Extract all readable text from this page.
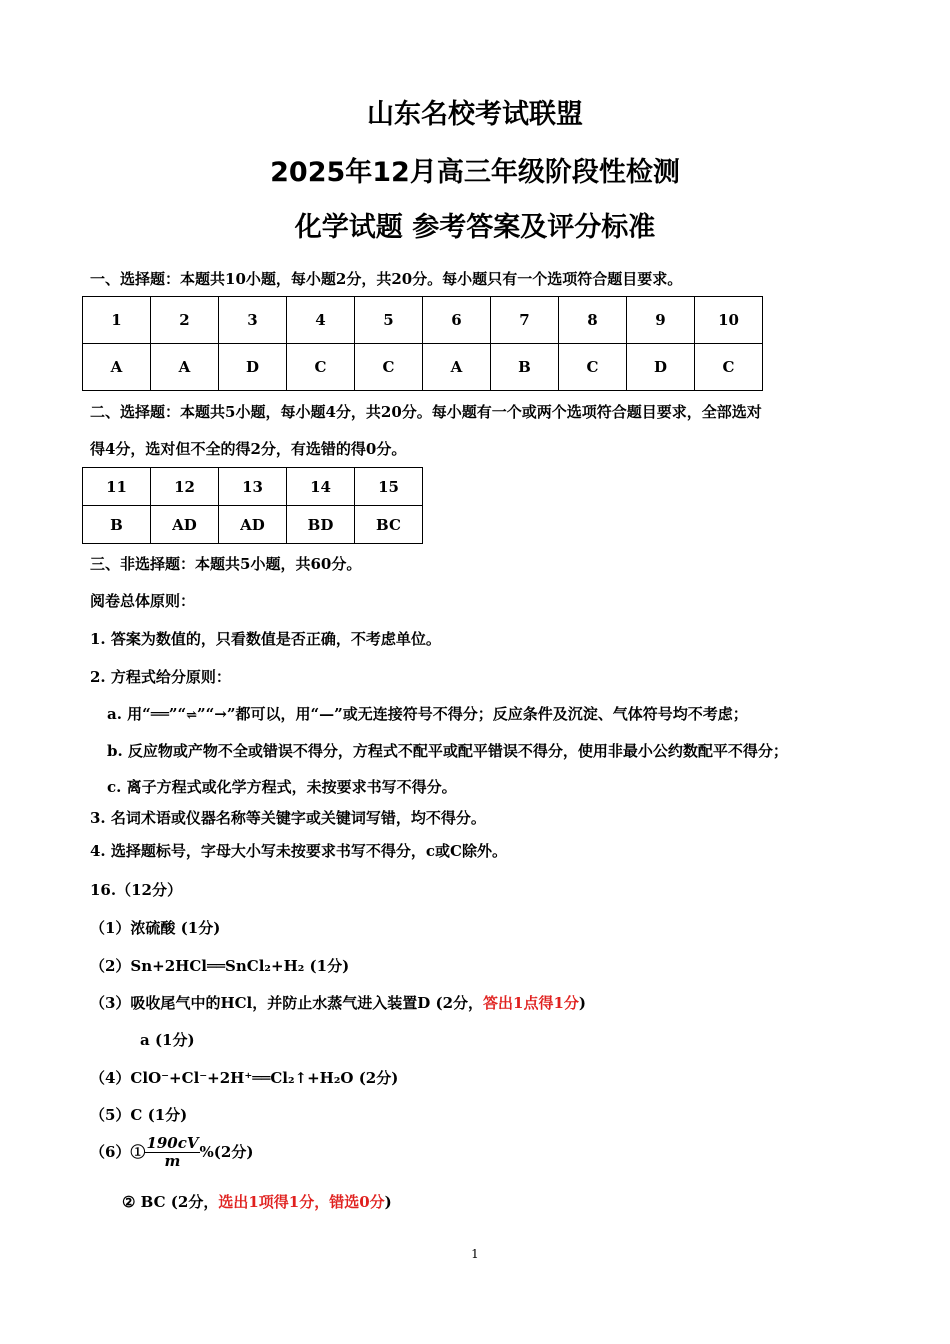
山东名校考试联盟
2025年12月高三年级阶段性检测
化学试题 参考答案及评分标准
一、选择题：本题共10小题，每小题2分，共20分。每小题只有一个选项符合题目要求。
1	2	3	4	5	6	7	8	9	10
A	A	D	C	C	A	B	C	D	C
二、选择题：本题共5小题，每小题4分，共20分。每小题有一个或两个选项符合题目要求，全部选对
得4分，选对但不全的得2分，有选错的得0分。
11	12	13	14	15
B	AD	AD	BD	BC
三、非选择题：本题共5小题，共60分。
阅卷总体原则：
1. 答案为数值的，只看数值是否正确，不考虑单位。
2. 方程式给分原则：
a. 用“══”“⇌”“→”都可以，用“—”或无连接符号不得分；反应条件及沉淀、气体符号均不考虑；
b. 反应物或产物不全或错误不得分，方程式不配平或配平错误不得分，使用非最小公约数配平不得分；
c. 离子方程式或化学方程式，未按要求书写不得分。
3. 名词术语或仪器名称等关键字或关键词写错，均不得分。
4. 选择题标号，字母大小写未按要求书写不得分，c或C除外。
16.（12分）
（1）浓硫酸 (1分)
（2）Sn+2HCl══SnCl₂+H₂ (1分)
（3）吸收尾气中的HCl，并防止水蒸气进入装置D (2分，答出1点得1分)
a (1分)
（4）ClO⁻+Cl⁻+2H⁺══Cl₂↑+H₂O (2分)
（5）C (1分)
（6）① $\frac{190cV}{m} \%(2$分)
② BC (2分，选出1项得1分，错选0分)
1
